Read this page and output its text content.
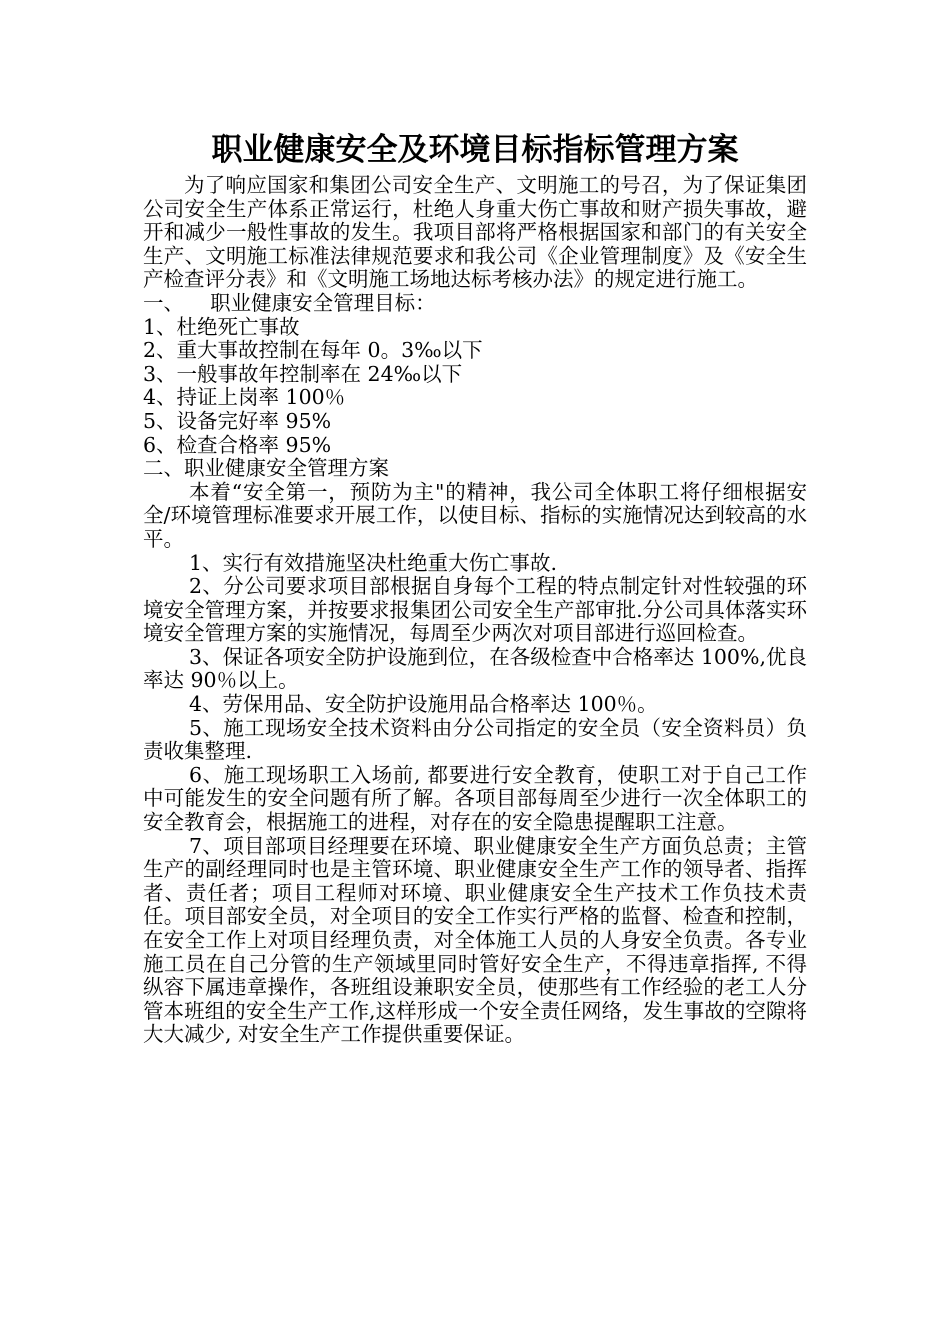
职业健康安全及环境目标指标管理方案

为了响应国家和集团公司安全生产、文明施工的号召，为了保证集团公司安全生产体系正常运行，杜绝人身重大伤亡事故和财产损失事故，避开和减少一般性事故的发生。我项目部将严格根据国家和部门的有关安全生产、文明施工标准法律规范要求和我公司《企业管理制度》及《安全生产检查评分表》和《文明施工场地达标考核办法》的规定进行施工。

一、    职业健康安全管理目标：

1、杜绝死亡事故

2、重大事故控制在每年 0。3‰以下

3、一般事故年控制率在 24‰以下

4、持证上岗率 100％

5、设备完好率 95%

6、检查合格率 95%

二、职业健康安全管理方案

本着“安全第一，预防为主"的精神，我公司全体职工将仔细根据安全/环境管理标准要求开展工作，以使目标、指标的实施情况达到较高的水平。

1、实行有效措施坚决杜绝重大伤亡事故.

2、分公司要求项目部根据自身每个工程的特点制定针对性较强的环境安全管理方案，并按要求报集团公司安全生产部审批.分公司具体落实环境安全管理方案的实施情况，每周至少两次对项目部进行巡回检查。

3、保证各项安全防护设施到位，在各级检查中合格率达 100%,优良率达 90％以上。

4、劳保用品、安全防护设施用品合格率达 100％。

5、施工现场安全技术资料由分公司指定的安全员（安全资料员）负责收集整理.

6、施工现场职工入场前, 都要进行安全教育，使职工对于自己工作中可能发生的安全问题有所了解。各项目部每周至少进行一次全体职工的安全教育会，根据施工的进程，对存在的安全隐患提醒职工注意。

7、项目部项目经理要在环境、职业健康安全生产方面负总责；主管生产的副经理同时也是主管环境、职业健康安全生产工作的领导者、指挥者、责任者；项目工程师对环境、职业健康安全生产技术工作负技术责任。项目部安全员，对全项目的安全工作实行严格的监督、检查和控制，在安全工作上对项目经理负责，对全体施工人员的人身安全负责。各专业施工员在自己分管的生产领域里同时管好安全生产，不得违章指挥, 不得纵容下属违章操作，各班组设兼职安全员，使那些有工作经验的老工人分管本班组的安全生产工作,这样形成一个安全责任网络，发生事故的空隙将大大减少, 对安全生产工作提供重要保证。
